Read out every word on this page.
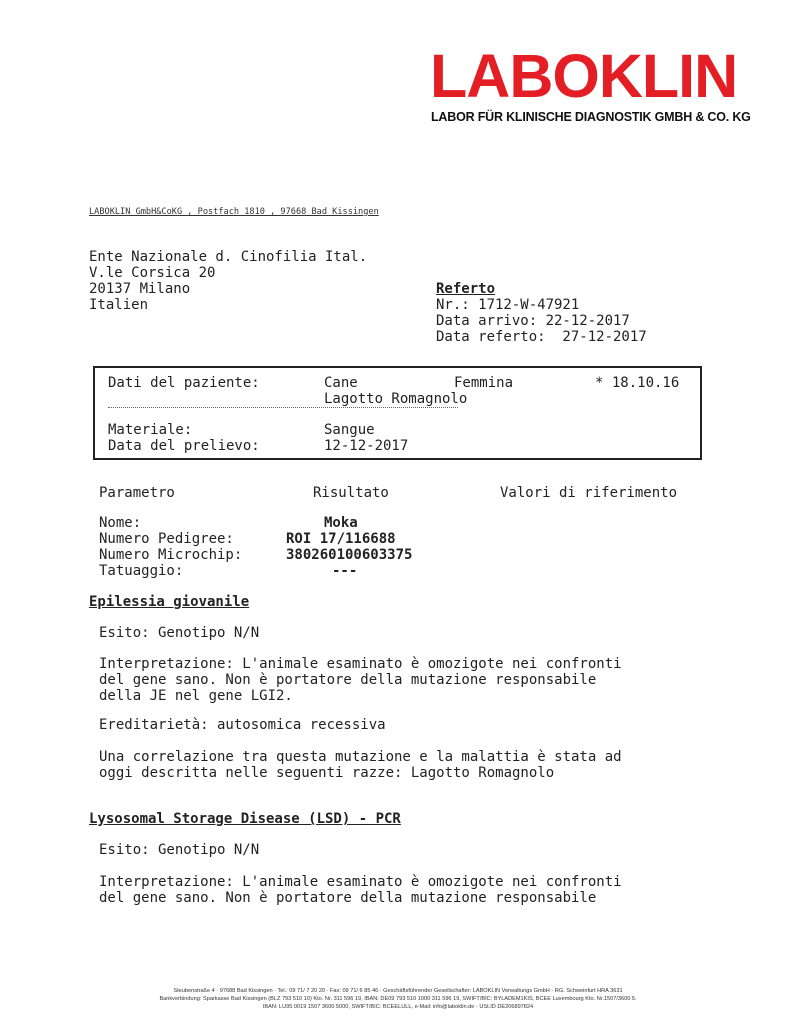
LABOKLIN
LABOR FÜR KLINISCHE DIAGNOSTIK GMBH & CO. KG
LABOKLIN GmbH&CoKG , Postfach 1810 , 97668 Bad Kissingen
Ente Nazionale d. Cinofilia Ital.
V.le Corsica 20
20137 Milano
Italien
Referto
Nr.: 1712-W-47921
Data arrivo: 22-12-2017
Data referto:  27-12-2017
Dati del paziente:	Cane	Femmina	* 18.10.16
Lagotto Romagnolo
Materiale:	Sangue
Data del prelievo:	12-12-2017
Parametro	Risultato	Valori di riferimento
Nome:	Moka
Numero Pedigree:	ROI 17/116688
Numero Microchip:	380260100603375
Tatuaggio:	---
Epilessia giovanile
Esito: Genotipo N/N
Interpretazione: L'animale esaminato è omozigote nei confronti
del gene sano. Non è portatore della mutazione responsabile
della JE nel gene LGI2.
Ereditarietà: autosomica recessiva
Una correlazione tra questa mutazione e la malattia è stata ad
oggi descritta nelle seguenti razze: Lagotto Romagnolo
Lysosomal Storage Disease (LSD) - PCR
Esito: Genotipo N/N
Interpretazione: L'animale esaminato è omozigote nei confronti
del gene sano. Non è portatore della mutazione responsabile
Steubenstraße 4 · 97688 Bad Kissingen · Tel.: 09 71/ 7 20 20 · Fax: 09 71/ 6 85 46 · Geschäftsführender Gesellschafter: LABOKLIN Verwaltungs GmbH · RG. Schweinfurt HRA 3631
Bankverbindung: Sparkasse Bad Kissingen (BLZ 793 510 10) Kto. Nr. 311 596 19, IBAN: DE09 793 510 1000 311 596 19, SWIFT/BIC: BYLADEM1KIS, BCEE Luxembourg Kto. Nr.1507/3600 5.
IBAN: LU95 0019 1507 3600 5000, SWIFT/BIC: BCEELULL, e-Mail: info@laboklin.de · USt.ID DE206897824
